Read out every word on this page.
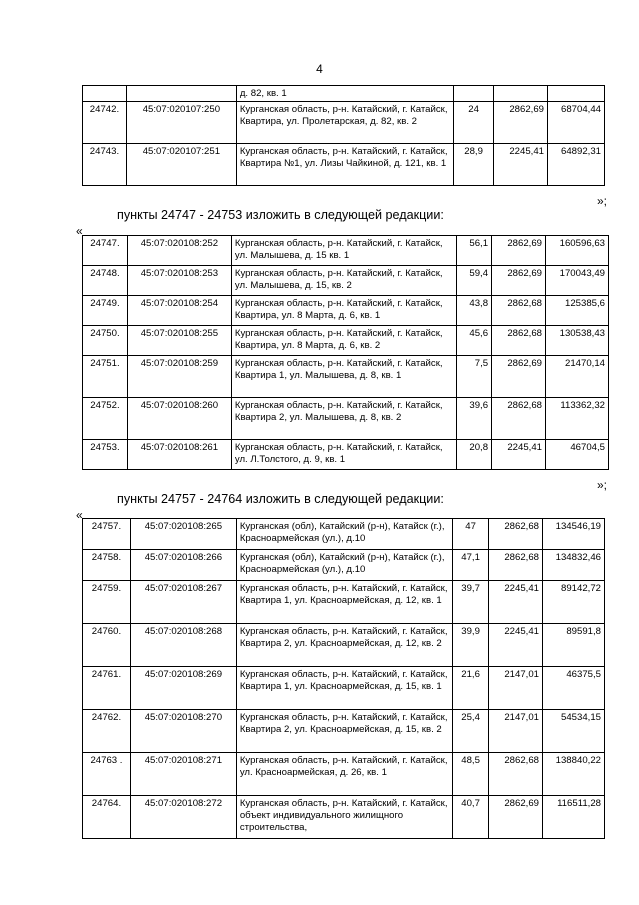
4
		д. 82, кв. 1			
24742.	45:07:020107:250	Курганская область, р-н. Катайский, г. Катайск, Квартира, ул. Пролетарская, д. 82, кв. 2	24	2862,69	68704,44
24743.	45:07:020107:251	Курганская область, р-н. Катайский, г. Катайск, Квартира №1, ул. Лизы Чайкиной, д. 121, кв. 1	28,9	2245,41	64892,31
»;
пункты 24747 - 24753 изложить в следующей редакции:
«
24747.	45:07:020108:252	Курганская область, р-н. Катайский, г. Катайск, ул. Малышева, д. 15 кв. 1	56,1	2862,69	160596,63
24748.	45:07:020108:253	Курганская область, р-н. Катайский, г. Катайск, ул. Малышева, д. 15, кв. 2	59,4	2862,69	170043,49
24749.	45:07:020108:254	Курганская область, р-н. Катайский, г. Катайск, Квартира, ул. 8 Марта, д. 6, кв. 1	43,8	2862,68	125385,6
24750.	45:07:020108:255	Курганская область, р-н. Катайский, г. Катайск, Квартира, ул. 8 Марта, д. 6, кв. 2	45,6	2862,68	130538,43
24751.	45:07:020108:259	Курганская область, р-н. Катайский, г. Катайск, Квартира 1, ул. Малышева, д. 8, кв. 1	7,5	2862,69	21470,14
24752.	45:07:020108:260	Курганская область, р-н. Катайский, г. Катайск, Квартира 2, ул. Малышева, д. 8, кв. 2	39,6	2862,68	113362,32
24753.	45:07:020108:261	Курганская область, р-н. Катайский, г. Катайск, ул. Л.Толстого, д. 9, кв. 1	20,8	2245,41	46704,5
»;
пункты 24757 - 24764 изложить в следующей редакции:
«
24757.	45:07:020108:265	Курганская (обл), Катайский (р-н), Катайск (г.), Красноармейская (ул.), д.10	47	2862,68	134546,19
24758.	45:07:020108:266	Курганская (обл), Катайский (р-н), Катайск (г.), Красноармейская (ул.), д.10	47,1	2862,68	134832,46
24759.	45:07:020108:267	Курганская область, р-н. Катайский, г. Катайск, Квартира 1, ул. Красноармейская, д. 12, кв. 1	39,7	2245,41	89142,72
24760.	45:07:020108:268	Курганская область, р-н. Катайский, г. Катайск, Квартира 2, ул. Красноармейская, д. 12, кв. 2	39,9	2245,41	89591,8
24761.	45:07:020108:269	Курганская область, р-н. Катайский, г. Катайск, Квартира 1, ул. Красноармейская, д. 15, кв. 1	21,6	2147,01	46375,5
24762.	45:07:020108:270	Курганская область, р-н. Катайский, г. Катайск, Квартира 2, ул. Красноармейская, д. 15, кв. 2	25,4	2147,01	54534,15
24763 .	45:07:020108:271	Курганская область, р-н. Катайский, г. Катайск, ул. Красноармейская, д. 26, кв. 1	48,5	2862,68	138840,22
24764.	45:07:020108:272	Курганская область, р-н. Катайский, г. Катайск, объект индивидуального жилищного строительства,	40,7	2862,69	116511,28
